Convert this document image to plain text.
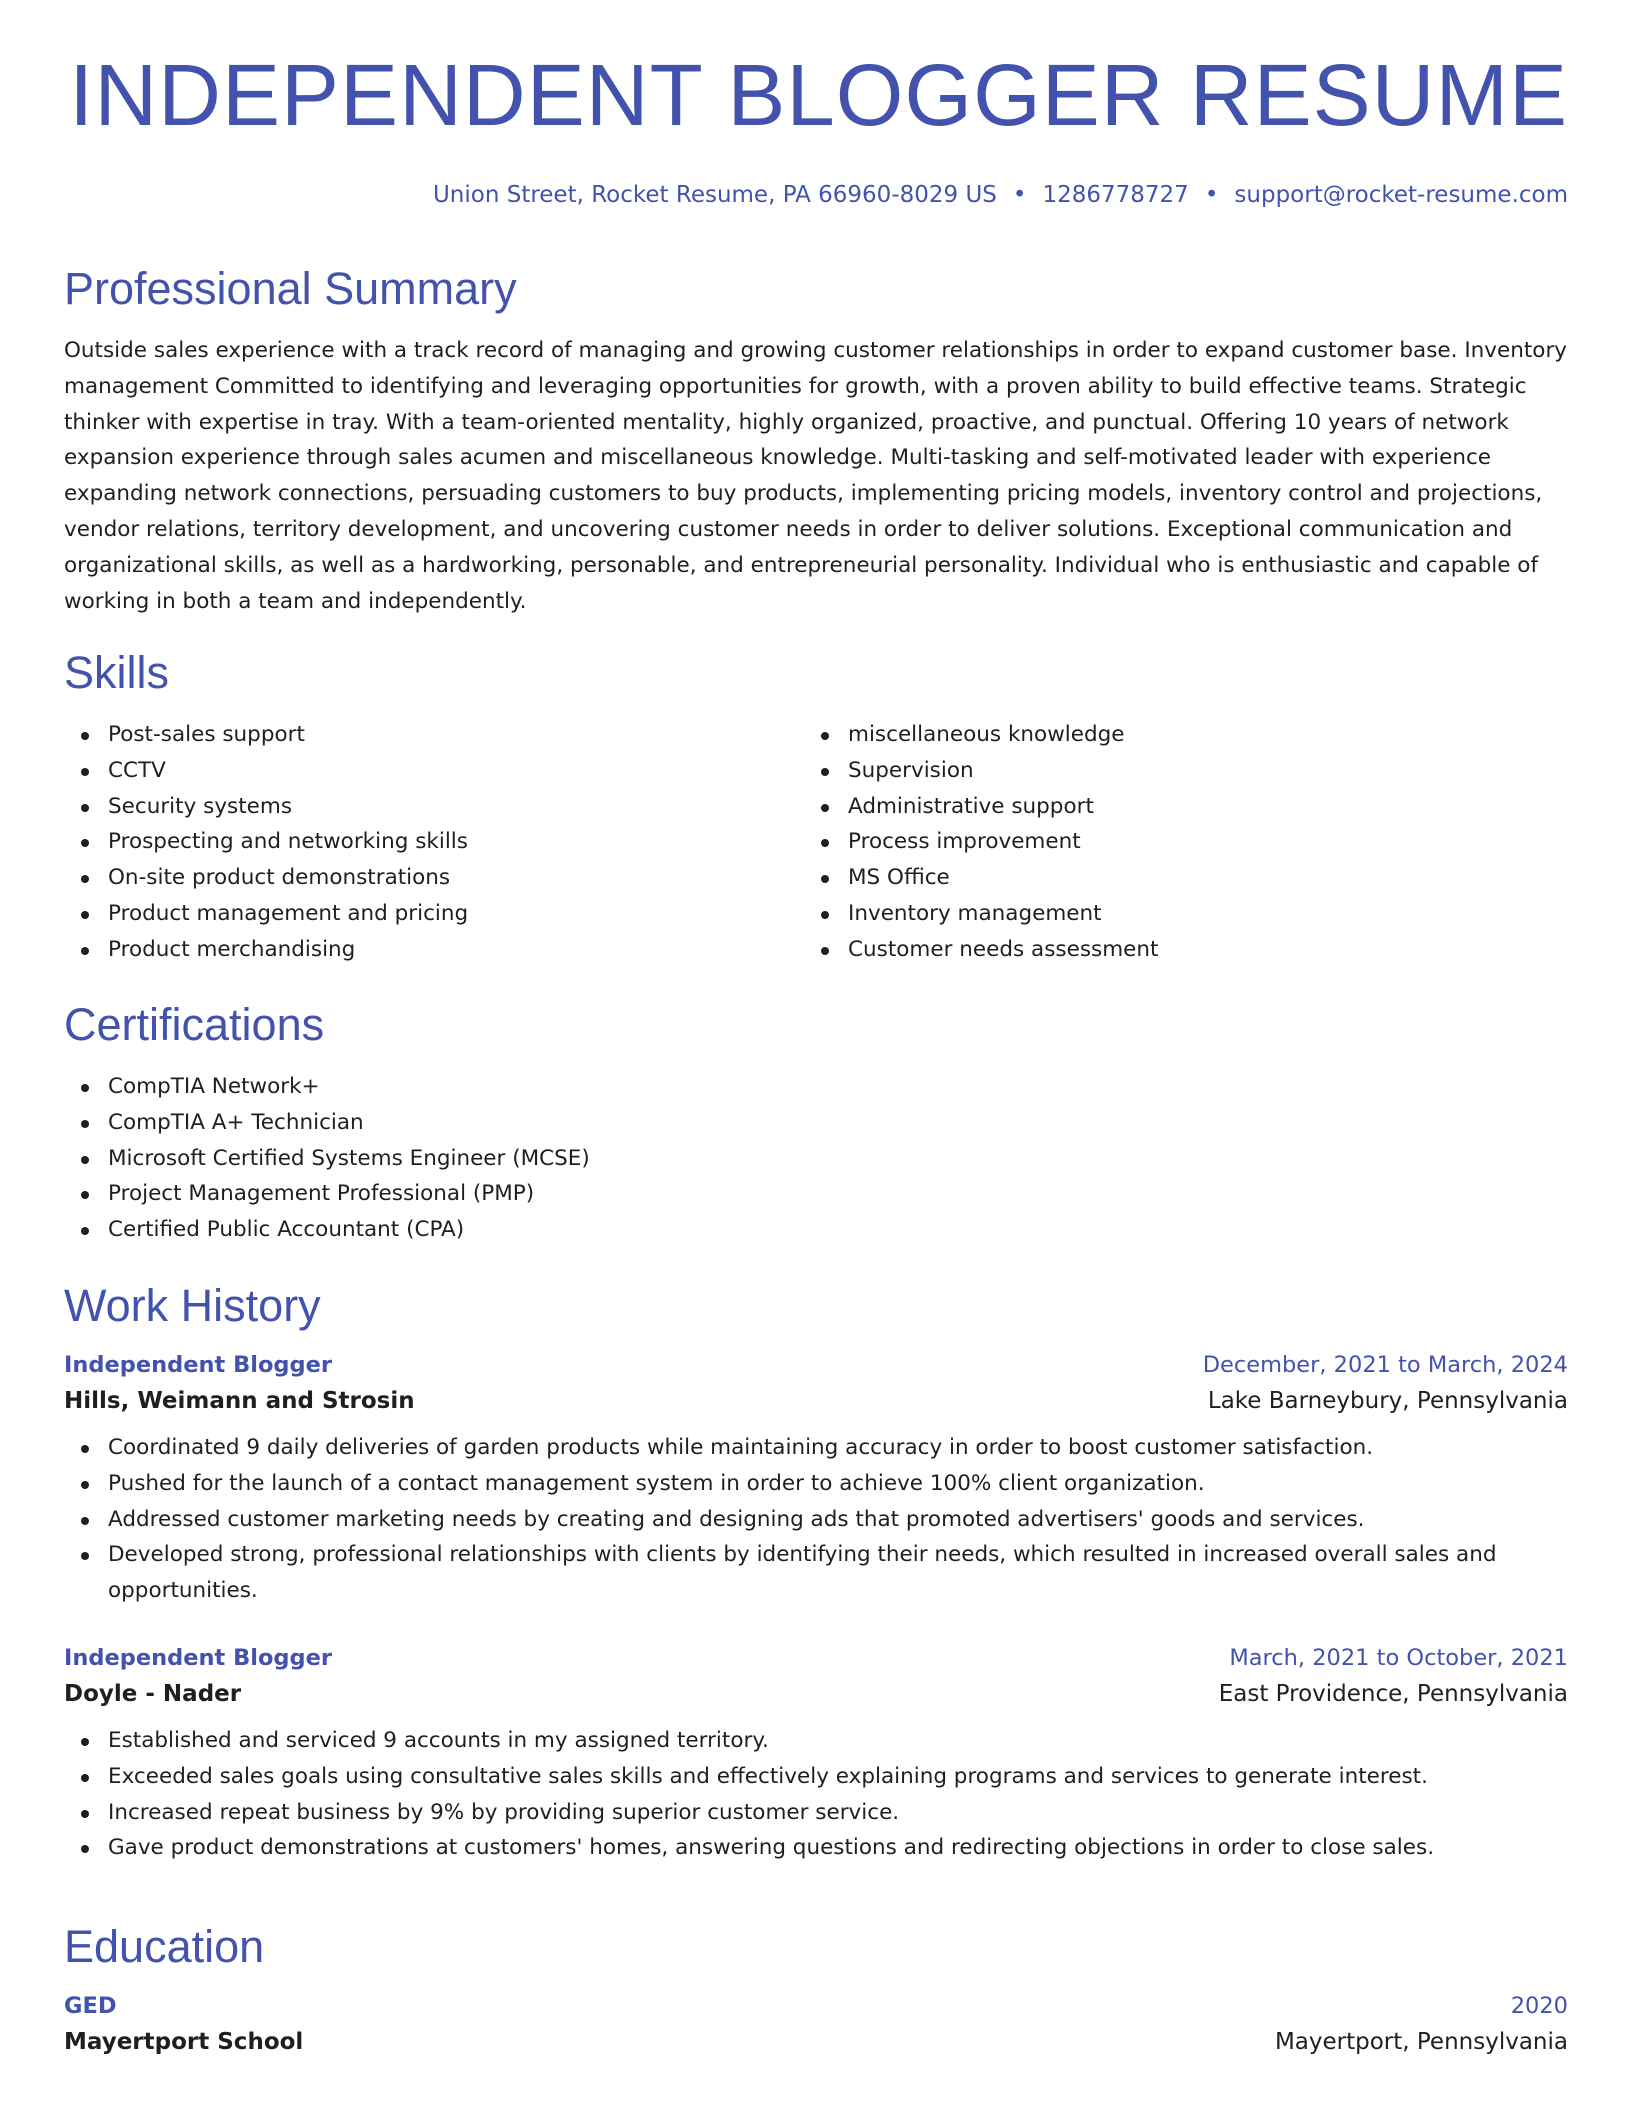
INDEPENDENT BLOGGER RESUME
Union Street, Rocket Resume, PA 66960-8029 US • 1286778727 • support@rocket-resume.com
Professional Summary

Outside sales experience with a track record of managing and growing customer relationships in order to expand customer base. Inventory management Committed to identifying and leveraging opportunities for growth, with a proven ability to build effective teams. Strategic thinker with expertise in tray. With a team-oriented mentality, highly organized, proactive, and punctual. Offering 10 years of network expansion experience through sales acumen and miscellaneous knowledge. Multi-tasking and self-motivated leader with experience expanding network connections, persuading customers to buy products, implementing pricing models, inventory control and projections, vendor relations, territory development, and uncovering customer needs in order to deliver solutions. Exceptional communication and organizational skills, as well as a hardworking, personable, and entrepreneurial personality. Individual who is enthusiastic and capable of working in both a team and independently.

Skills
Post-sales support
CCTV
Security systems
Prospecting and networking skills
On-site product demonstrations
Product management and pricing
Product merchandising
miscellaneous knowledge
Supervision
Administrative support
Process improvement
MS Office
Inventory management
Customer needs assessment
Certifications
CompTIA Network+
CompTIA A+ Technician
Microsoft Certified Systems Engineer (MCSE)
Project Management Professional (PMP)
Certified Public Accountant (CPA)
Work History
Independent Blogger	December, 2021 to March, 2024
Hills, Weimann and Strosin	Lake Barneybury, Pennsylvania
Coordinated 9 daily deliveries of garden products while maintaining accuracy in order to boost customer satisfaction.
Pushed for the launch of a contact management system in order to achieve 100% client organization.
Addressed customer marketing needs by creating and designing ads that promoted advertisers' goods and services.
Developed strong, professional relationships with clients by identifying their needs, which resulted in increased overall sales and opportunities.
Independent Blogger	March, 2021 to October, 2021
Doyle - Nader	East Providence, Pennsylvania
Established and serviced 9 accounts in my assigned territory.
Exceeded sales goals using consultative sales skills and effectively explaining programs and services to generate interest.
Increased repeat business by 9% by providing superior customer service.
Gave product demonstrations at customers' homes, answering questions and redirecting objections in order to close sales.
Education
GED	2020
Mayertport School	Mayertport, Pennsylvania
